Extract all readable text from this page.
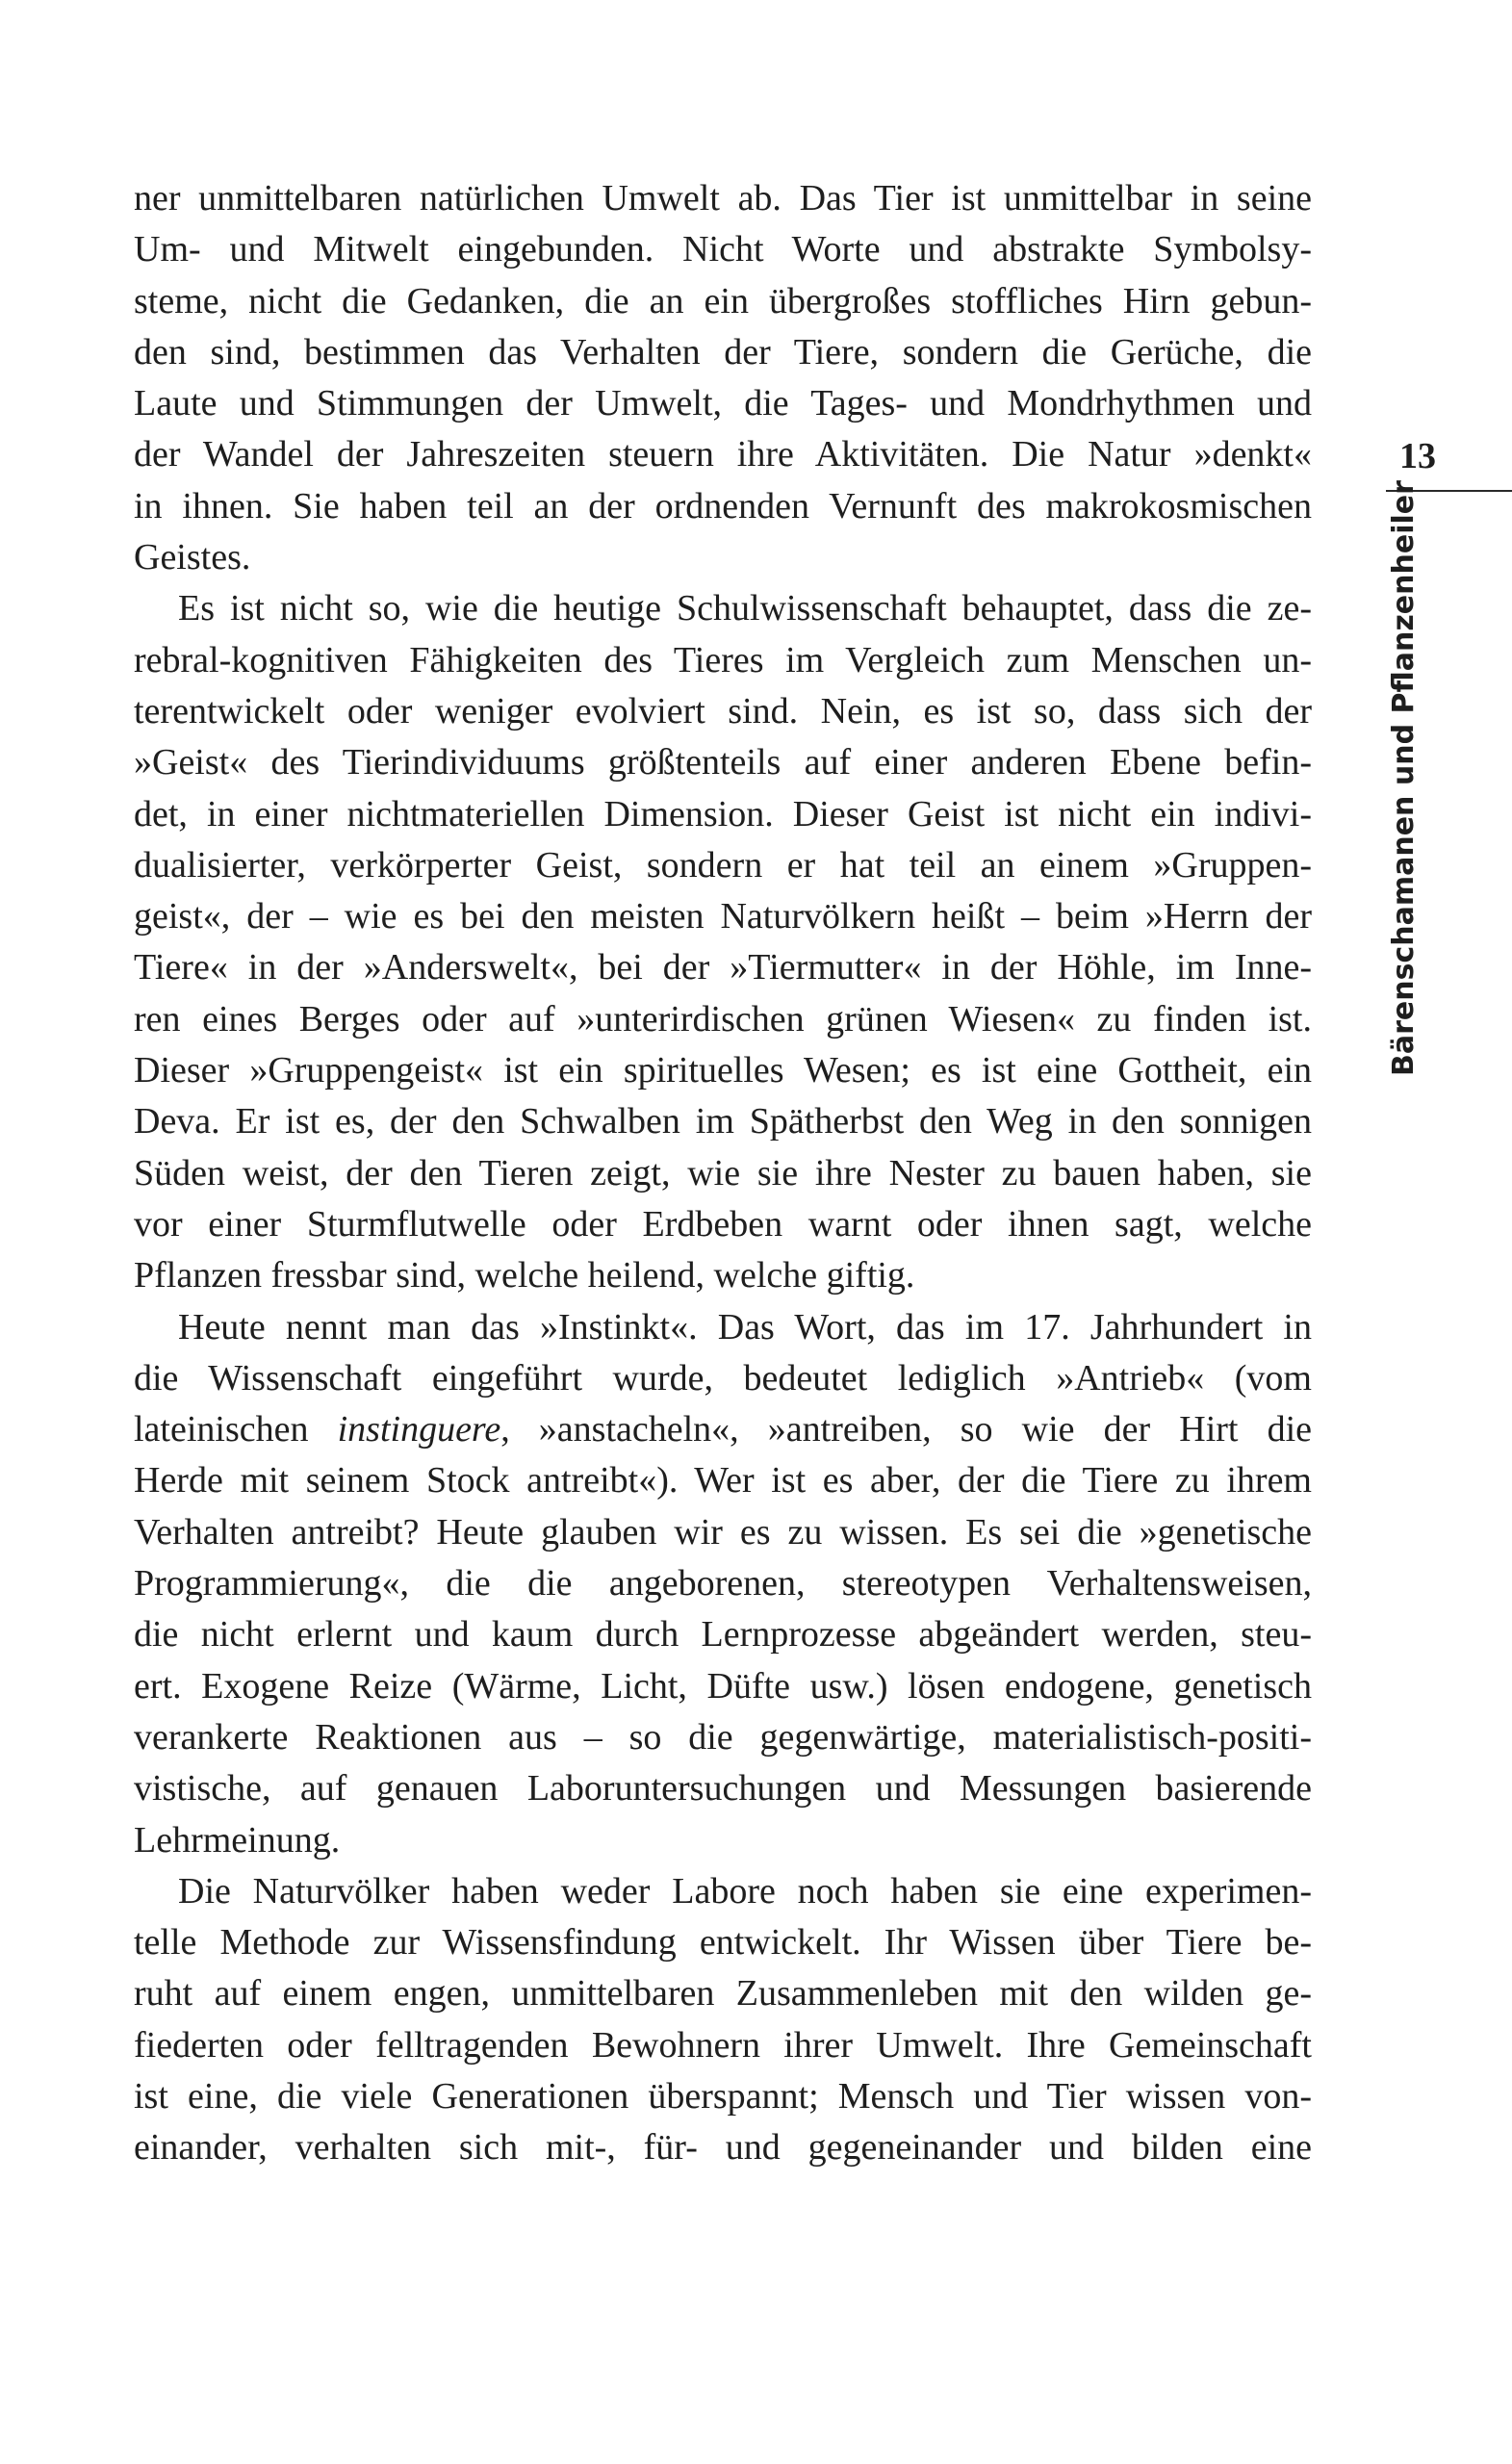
ner unmittelbaren natürlichen Umwelt ab. Das Tier ist unmittelbar in seine
Um- und Mitwelt eingebunden. Nicht Worte und abstrakte Symbolsy-
steme, nicht die Gedanken, die an ein übergroßes stoffliches Hirn gebun-
den sind, bestimmen das Verhalten der Tiere, sondern die Gerüche, die
Laute und Stimmungen der Umwelt, die Tages- und Mondrhythmen und
der Wandel der Jahreszeiten steuern ihre Aktivitäten. Die Natur »denkt«
in ihnen. Sie haben teil an der ordnenden Vernunft des makrokosmischen
Geistes.
Es ist nicht so, wie die heutige Schulwissenschaft behauptet, dass die ze-
rebral-kognitiven Fähigkeiten des Tieres im Vergleich zum Menschen un-
terentwickelt oder weniger evolviert sind. Nein, es ist so, dass sich der
»Geist« des Tierindividuums größtenteils auf einer anderen Ebene befin-
det, in einer nichtmateriellen Dimension. Dieser Geist ist nicht ein indivi-
dualisierter, verkörperter Geist, sondern er hat teil an einem »Gruppen-
geist«, der – wie es bei den meisten Naturvölkern heißt – beim »Herrn der
Tiere« in der »Anderswelt«, bei der »Tiermutter« in der Höhle, im Inne-
ren eines Berges oder auf »unterirdischen grünen Wiesen« zu finden ist.
Dieser »Gruppengeist« ist ein spirituelles Wesen; es ist eine Gottheit, ein
Deva. Er ist es, der den Schwalben im Spätherbst den Weg in den sonnigen
Süden weist, der den Tieren zeigt, wie sie ihre Nester zu bauen haben, sie
vor einer Sturmflutwelle oder Erdbeben warnt oder ihnen sagt, welche
Pflanzen fressbar sind, welche heilend, welche giftig.
Heute nennt man das »Instinkt«. Das Wort, das im 17. Jahrhundert in
die Wissenschaft eingeführt wurde, bedeutet lediglich »Antrieb« (vom
lateinischen instinguere, »anstacheln«, »antreiben, so wie der Hirt die
Herde mit seinem Stock antreibt«). Wer ist es aber, der die Tiere zu ihrem
Verhalten antreibt? Heute glauben wir es zu wissen. Es sei die »genetische
Programmierung«, die die angeborenen, stereotypen Verhaltensweisen,
die nicht erlernt und kaum durch Lernprozesse abgeändert werden, steu-
ert. Exogene Reize (Wärme, Licht, Düfte usw.) lösen endogene, genetisch
verankerte Reaktionen aus – so die gegenwärtige, materialistisch-positi-
vistische, auf genauen Laboruntersuchungen und Messungen basierende
Lehrmeinung.
Die Naturvölker haben weder Labore noch haben sie eine experimen-
telle Methode zur Wissensfindung entwickelt. Ihr Wissen über Tiere be-
ruht auf einem engen, unmittelbaren Zusammenleben mit den wilden ge-
fiederten oder felltragenden Bewohnern ihrer Umwelt. Ihre Gemeinschaft
ist eine, die viele Generationen überspannt; Mensch und Tier wissen von-
einander, verhalten sich mit-, für- und gegeneinander und bilden eine
13
Bärenschamanen und Pflanzenheiler
